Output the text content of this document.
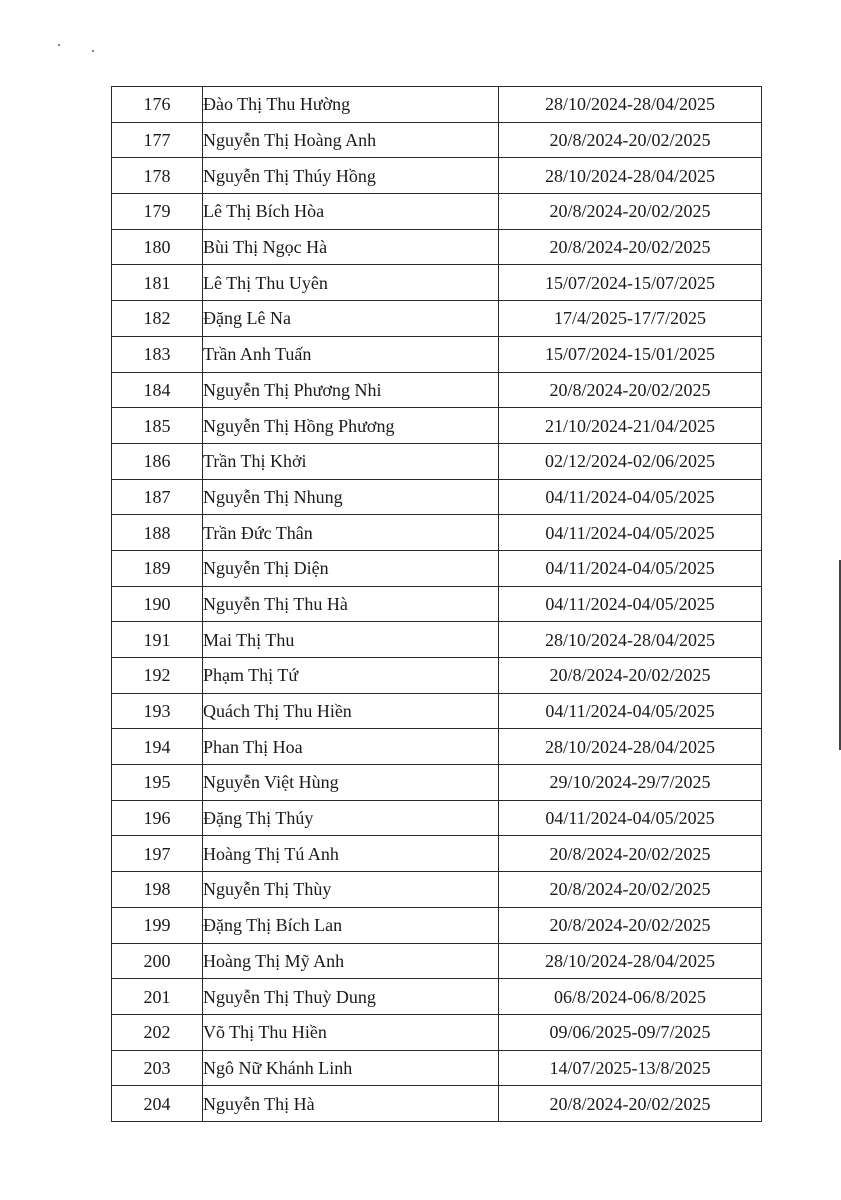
176	Đào Thị Thu Hường	28/10/2024-28/04/2025
177	Nguyễn Thị Hoàng Anh	20/8/2024-20/02/2025
178	Nguyễn Thị Thúy Hồng	28/10/2024-28/04/2025
179	Lê Thị Bích Hòa	20/8/2024-20/02/2025
180	Bùi Thị Ngọc Hà	20/8/2024-20/02/2025
181	Lê Thị Thu Uyên	15/07/2024-15/07/2025
182	Đặng Lê Na	17/4/2025-17/7/2025
183	Trần Anh Tuấn	15/07/2024-15/01/2025
184	Nguyễn Thị Phương Nhi	20/8/2024-20/02/2025
185	Nguyễn Thị Hồng Phương	21/10/2024-21/04/2025
186	Trần Thị Khởi	02/12/2024-02/06/2025
187	Nguyễn Thị Nhung	04/11/2024-04/05/2025
188	Trần Đức Thân	04/11/2024-04/05/2025
189	Nguyễn Thị Diện	04/11/2024-04/05/2025
190	Nguyễn Thị Thu Hà	04/11/2024-04/05/2025
191	Mai Thị Thu	28/10/2024-28/04/2025
192	Phạm Thị Tứ	20/8/2024-20/02/2025
193	Quách Thị Thu Hiền	04/11/2024-04/05/2025
194	Phan Thị Hoa	28/10/2024-28/04/2025
195	Nguyễn Việt Hùng	29/10/2024-29/7/2025
196	Đặng Thị Thúy	04/11/2024-04/05/2025
197	Hoàng Thị Tú Anh	20/8/2024-20/02/2025
198	Nguyễn Thị Thùy	20/8/2024-20/02/2025
199	Đặng Thị Bích Lan	20/8/2024-20/02/2025
200	Hoàng Thị Mỹ Anh	28/10/2024-28/04/2025
201	Nguyễn Thị Thuỳ Dung	06/8/2024-06/8/2025
202	Võ Thị Thu Hiền	09/06/2025-09/7/2025
203	Ngô Nữ Khánh Linh	14/07/2025-13/8/2025
204	Nguyễn Thị Hà	20/8/2024-20/02/2025
